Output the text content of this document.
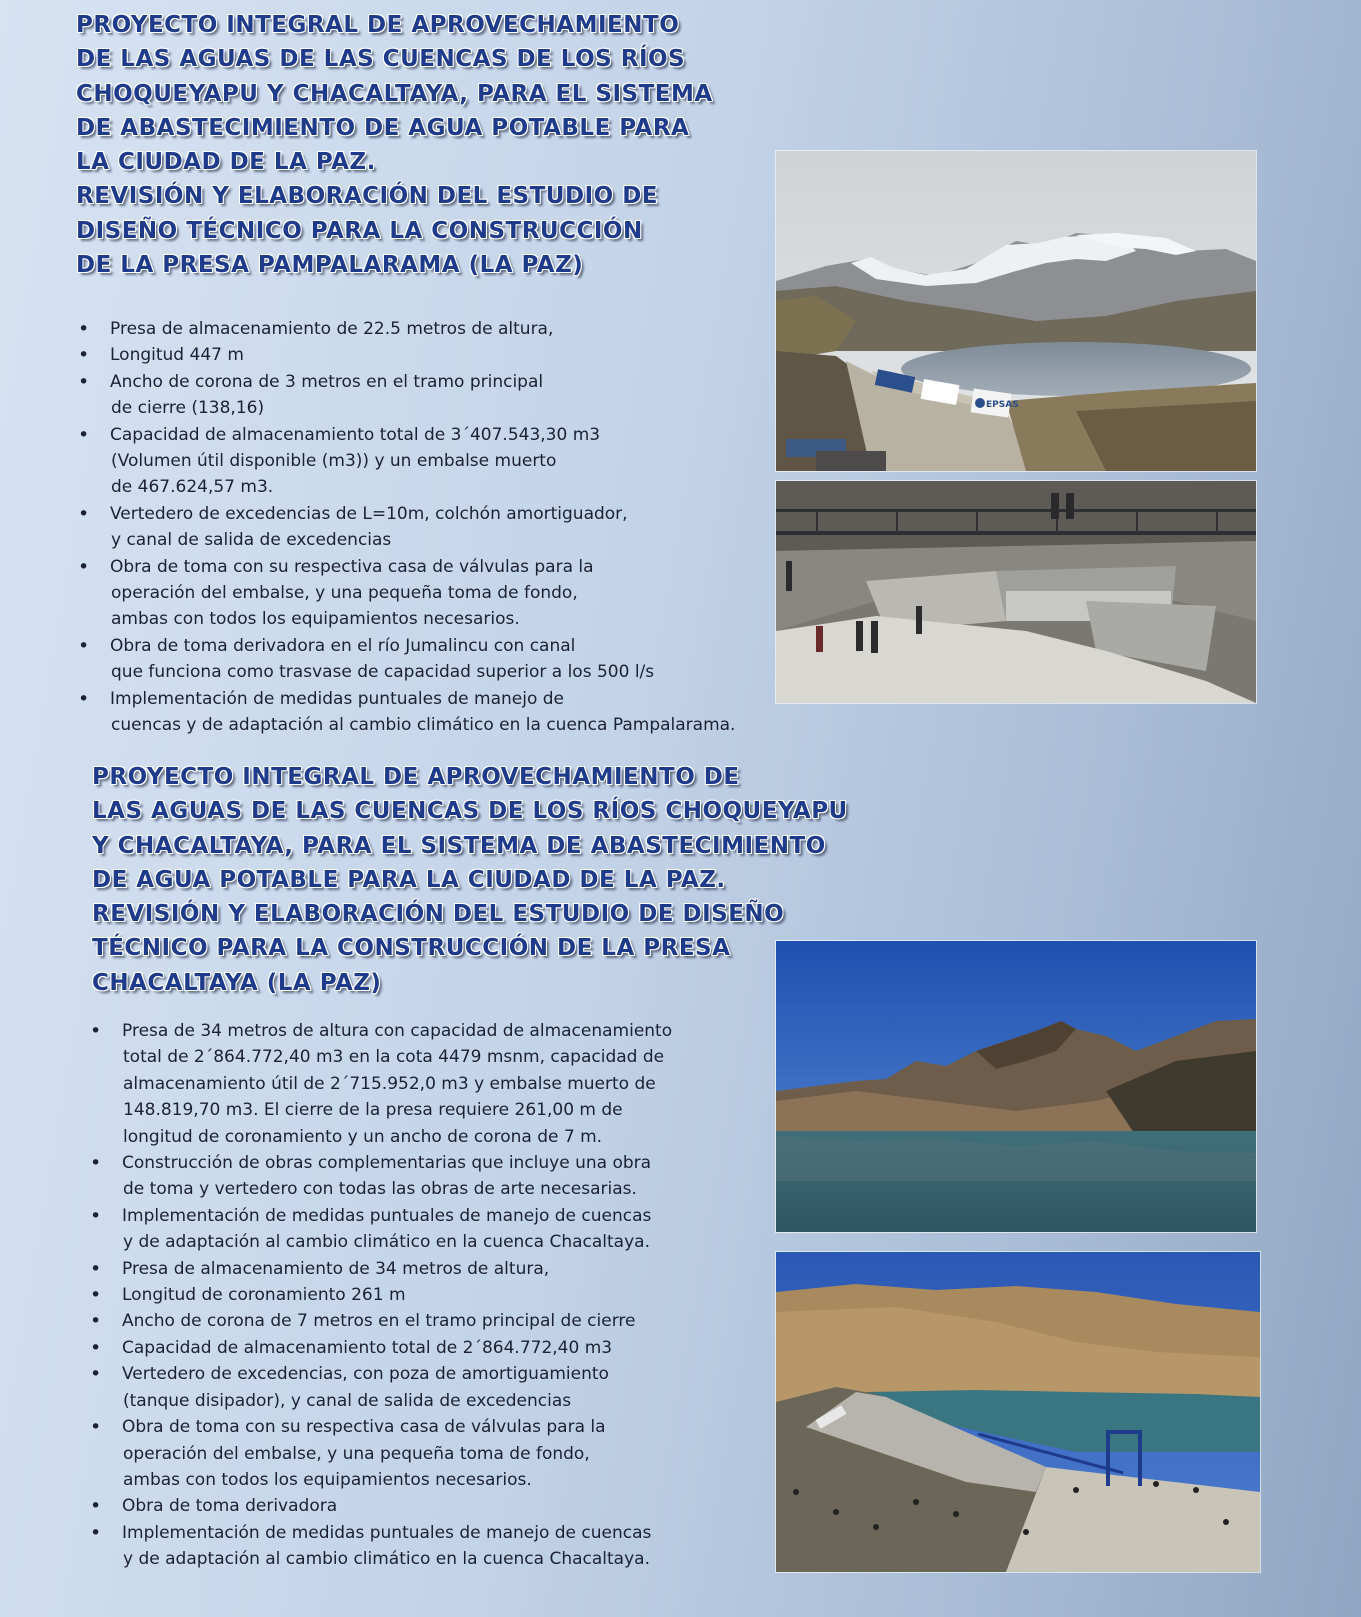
PROYECTO INTEGRAL DE APROVECHAMIENTO
DE LAS AGUAS DE LAS CUENCAS DE LOS RÍOS
CHOQUEYAPU Y CHACALTAYA, PARA EL SISTEMA
DE ABASTECIMIENTO DE AGUA POTABLE PARA
LA CIUDAD DE LA PAZ.
REVISIÓN Y ELABORACIÓN DEL ESTUDIO DE
DISEÑO TÉCNICO PARA LA CONSTRUCCIÓN
DE LA PRESA PAMPALARAMA (LA PAZ)
• Presa de almacenamiento de 22.5 metros de altura,
• Longitud 447 m
• Ancho de corona de 3 metros en el tramo principal
de cierre (138,16)
• Capacidad de almacenamiento total de 3´407.543,30 m3
(Volumen útil disponible (m3)) y un embalse muerto
de 467.624,57 m3.
• Vertedero de excedencias de L=10m, colchón amortiguador,
y canal de salida de excedencias
• Obra de toma con su respectiva casa de válvulas para la
operación del embalse, y una pequeña toma de fondo,
ambas con todos los equipamientos necesarios.
• Obra de toma derivadora en el río Jumalincu con canal
que funciona como trasvase de capacidad superior a los 500 l/s
• Implementación de medidas puntuales de manejo de
cuencas y de adaptación al cambio climático en la cuenca Pampalarama.
EPSAS
PROYECTO INTEGRAL DE APROVECHAMIENTO DE
LAS AGUAS DE LAS CUENCAS DE LOS RÍOS CHOQUEYAPU
Y CHACALTAYA, PARA EL SISTEMA DE ABASTECIMIENTO
DE AGUA POTABLE PARA LA CIUDAD DE LA PAZ.
REVISIÓN Y ELABORACIÓN DEL ESTUDIO DE DISEÑO
TÉCNICO PARA LA CONSTRUCCIÓN DE LA PRESA
CHACALTAYA (LA PAZ)
• Presa de 34 metros de altura con capacidad de almacenamiento
total de 2´864.772,40 m3 en la cota 4479 msnm, capacidad de
almacenamiento útil de 2´715.952,0 m3 y embalse muerto de
148.819,70 m3. El cierre de la presa requiere 261,00 m de
longitud de coronamiento y un ancho de corona de 7 m.
• Construcción de obras complementarias que incluye una obra
de toma y vertedero con todas las obras de arte necesarias.
• Implementación de medidas puntuales de manejo de cuencas
y de adaptación al cambio climático en la cuenca Chacaltaya.
• Presa de almacenamiento de 34 metros de altura,
• Longitud de coronamiento 261 m
• Ancho de corona de 7 metros en el tramo principal de cierre
• Capacidad de almacenamiento total de 2´864.772,40 m3
• Vertedero de excedencias, con poza de amortiguamiento
(tanque disipador), y canal de salida de excedencias
• Obra de toma con su respectiva casa de válvulas para la
operación del embalse, y una pequeña toma de fondo,
ambas con todos los equipamientos necesarios.
• Obra de toma derivadora
• Implementación de medidas puntuales de manejo de cuencas
y de adaptación al cambio climático en la cuenca Chacaltaya.
